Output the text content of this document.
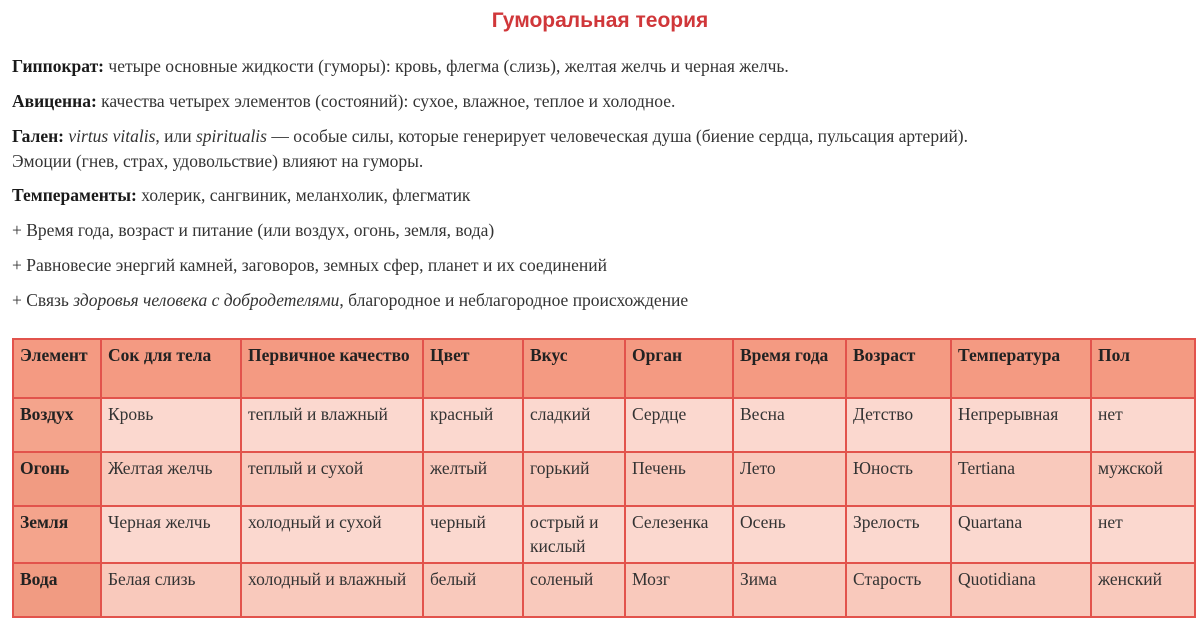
Гуморальная теория
Гиппократ: четыре основные жидкости (гуморы): кровь, флегма (слизь), желтая желчь и черная желчь.
Авиценна: качества четырех элементов (состояний): сухое, влажное, теплое и холодное.
Гален: virtus vitalis, или spiritualis — особые силы, которые генерирует человеческая душа (биение сердца, пульсация артерий).
Эмоции (гнев, страх, удовольствие) влияют на гуморы.
Темпераменты: холерик, сангвиник, меланхолик, флегматик
+ Время года, возраст и питание (или воздух, огонь, земля, вода)
+ Равновесие энергий камней, заговоров, земных сфер, планет и их соединений
+ Связь здоровья человека с добродетелями, благородное и неблагородное происхождение
Элемент	Сок для тела	Первичное качество	Цвет	Вкус	Орган	Время года	Возраст	Температура	Пол
Воздух	Кровь	теплый и влажный	красный	сладкий	Сердце	Весна	Детство	Непрерывная	нет
Огонь	Желтая желчь	теплый и сухой	желтый	горький	Печень	Лето	Юность	Tertiana	мужской
Земля	Черная желчь	холодный и сухой	черный	острый и кислый	Селезенка	Осень	Зрелость	Quartana	нет
Вода	Белая слизь	холодный и влажный	белый	соленый	Мозг	Зима	Старость	Quotidiana	женский
